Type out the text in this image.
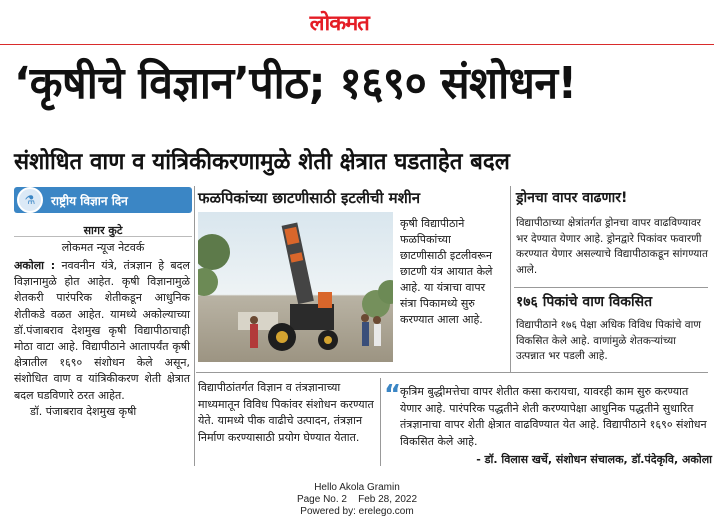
लोकमत
‘कृषीचे विज्ञान’पीठ; १६९० संशोधन!
संशोधित वाण व यांत्रिकीकरणामुळे शेती क्षेत्रात घडताहेत बदल
⚗	राष्ट्रीय विज्ञान दिन
सागर कुटे
लोकमत न्यूज नेटवर्क
अकोला : नववनीन यंत्रे, तंत्रज्ञान हे बदल विज्ञानामुळे होत आहेत. कृषी विज्ञानामुळे शेतकरी पारंपरिक शेतीकडून आधुनिक शेतीकडे वळत आहेत. यामध्ये अकोल्याच्या डॉ.पंजाबराव देशमुख कृषी विद्यापीठाचाही मोठा वाटा आहे. विद्यापीठाने आतापर्यंत कृषी क्षेत्रातील १६९० संशोधन केले असून, संशोधित वाण व यांत्रिकीकरण शेती क्षेत्रात बदल घडविणारे ठरत आहेत.
डॉ. पंजाबराव देशमुख कृषी
फळपिकांच्या छाटणीसाठी इटलीची मशीन
कृषी विद्यापीठाने फळपिकांच्या छाटणीसाठी इटलीवरून छाटणी यंत्र आयात केले आहे. या यंत्राचा वापर संत्रा पिकामध्ये सुरु करण्यात आला आहे.
ड्रोनचा वापर वाढणार!
विद्यापीठाच्या क्षेत्रांतर्गत ड्रोनचा वापर वाढविण्यावर भर देण्यात येणार आहे. ड्रोनद्वारे पिकांवर फवारणी करण्यात येणार असल्याचे विद्यापीठाकडून सांगण्यात आले.
१७६ पिकांचे वाण विकसित
विद्यापीठाने १७६ पेक्षा अधिक विविध पिकांचे वाण विकसित केले आहे. वाणांमुळे शेतकऱ्यांच्या उत्पन्नात भर पडली आहे.
विद्यापीठांतर्गत विज्ञान व तंत्रज्ञानाच्या माध्यमातून विविध पिकांवर संशोधन करण्यात येते. यामध्ये पीक वाढीचे उत्पादन, तंत्रज्ञान निर्माण करण्यासाठी प्रयोग घेण्यात येतात.
“
कृत्रिम बुद्धीमत्तेचा वापर शेतीत कसा करायचा, यावरही काम सुरु करण्यात येणार आहे. पारंपरिक पद्धतीने शेती करण्यापेक्षा आधुनिक पद्धतीने सुधारित तंत्रज्ञानाचा वापर शेती क्षेत्रात वाढविण्यात येत आहे. विद्यापीठाने १६९० संशोधन विकसित केले आहे.
- डॉ. विलास खर्चे, संशोधन संचालक, डॉ.पंदेकृवि, अकोला
Hello Akola Gramin
Page No. 2    Feb 28, 2022
Powered by: erelego.com
